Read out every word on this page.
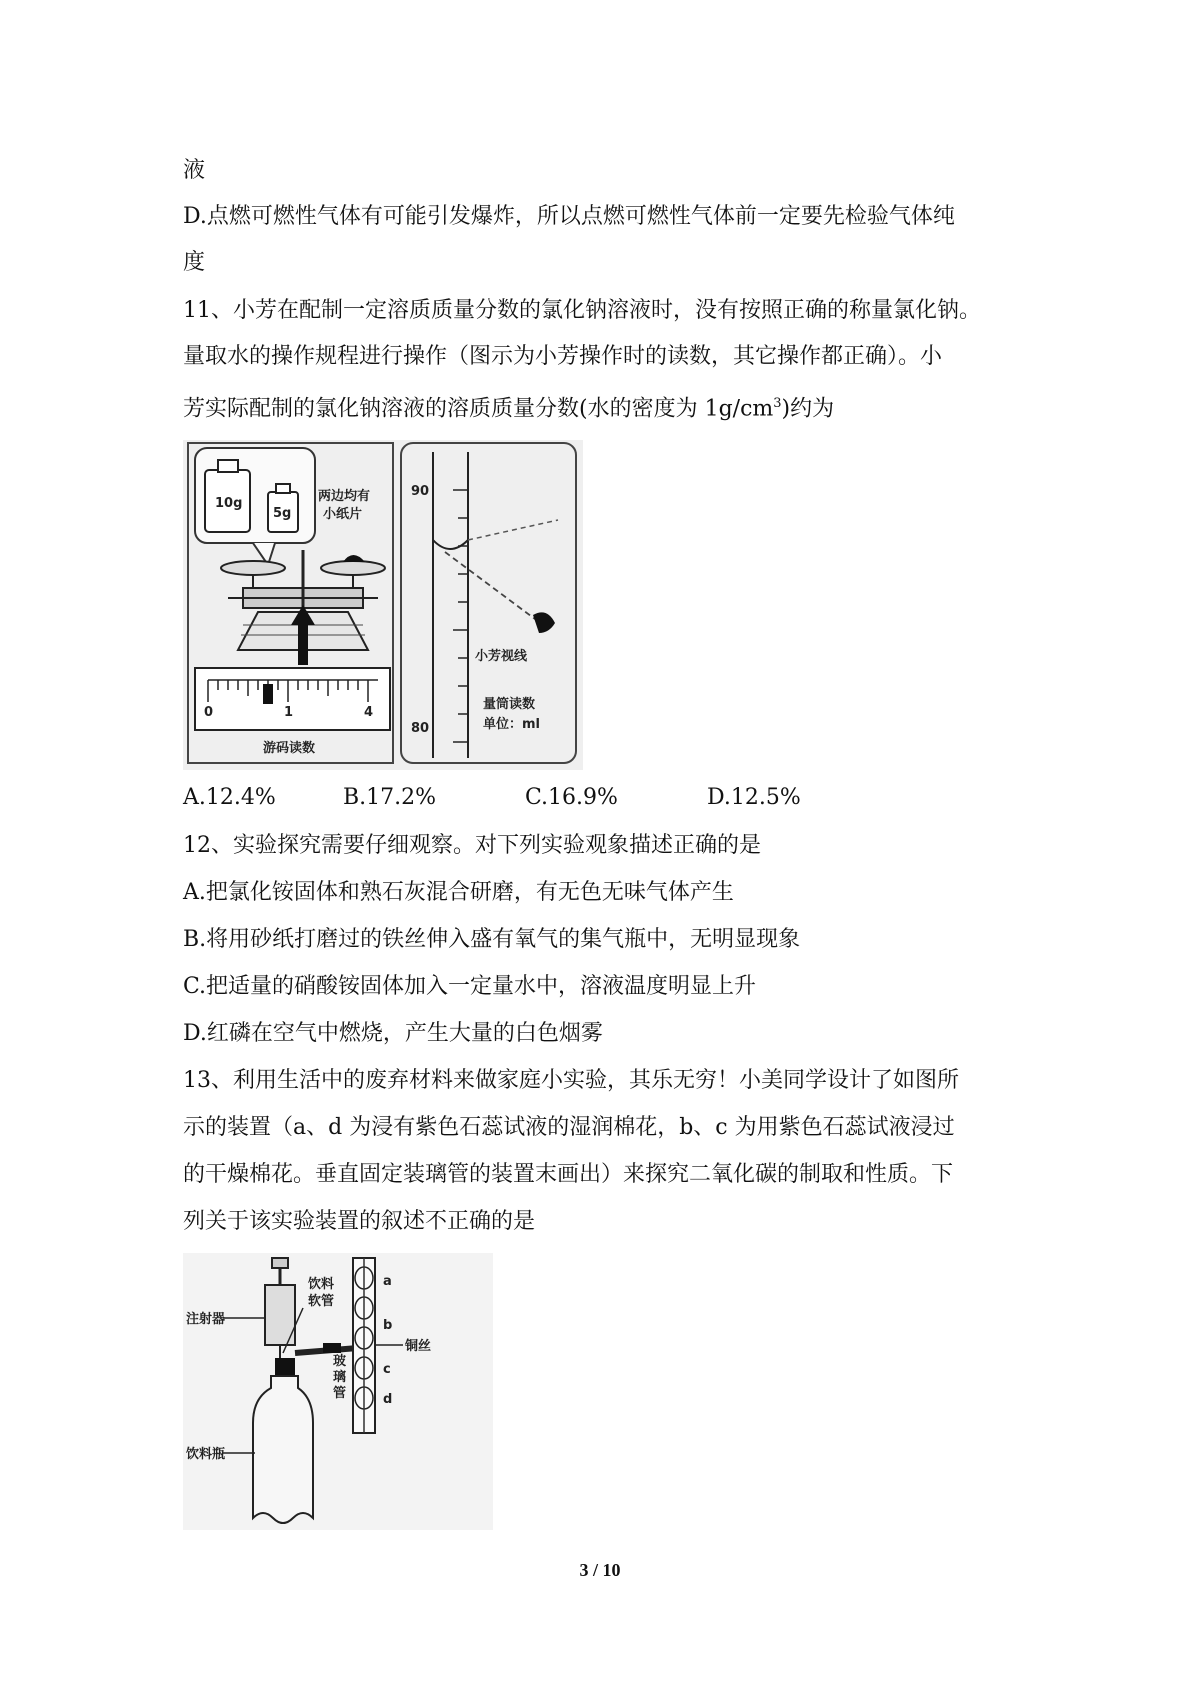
液
D.点燃可燃性气体有可能引发爆炸，所以点燃可燃性气体前一定要先检验气体纯
度
11、小芳在配制一定溶质质量分数的氯化钠溶液时，没有按照正确的称量氯化钠。
量取水的操作规程进行操作（图示为小芳操作时的读数，其它操作都正确）。小
芳实际配制的氯化钠溶液的溶质质量分数(水的密度为 $1g/cm^3$)约为
10g
5g
两边均有
小纸片
0	1	4
游码读数
90
80
小芳视线
量筒读数
单位：ml
A.12.4%	B.17.2%	C.16.9%	D.12.5%
12、实验探究需要仔细观察。对下列实验观象描述正确的是
A.把氯化铵固体和熟石灰混合研磨，有无色无味气体产生
B.将用砂纸打磨过的铁丝伸入盛有氧气的集气瓶中，无明显现象
C.把适量的硝酸铵固体加入一定量水中，溶液温度明显上升
D.红磷在空气中燃烧，产生大量的白色烟雾
13、利用生活中的废弃材料来做家庭小实验，其乐无穷！小美同学设计了如图所
示的装置（a、d 为浸有紫色石蕊试液的湿润棉花，b、c 为用紫色石蕊试液浸过
的干燥棉花。垂直固定装璃管的装置末画出）来探究二氧化碳的制取和性质。下
列关于该实验装置的叙述不正确的是
注射器
饮料
软管
饮料瓶
a
b
c
d
铜丝
玻
璃
管
3 / 10
